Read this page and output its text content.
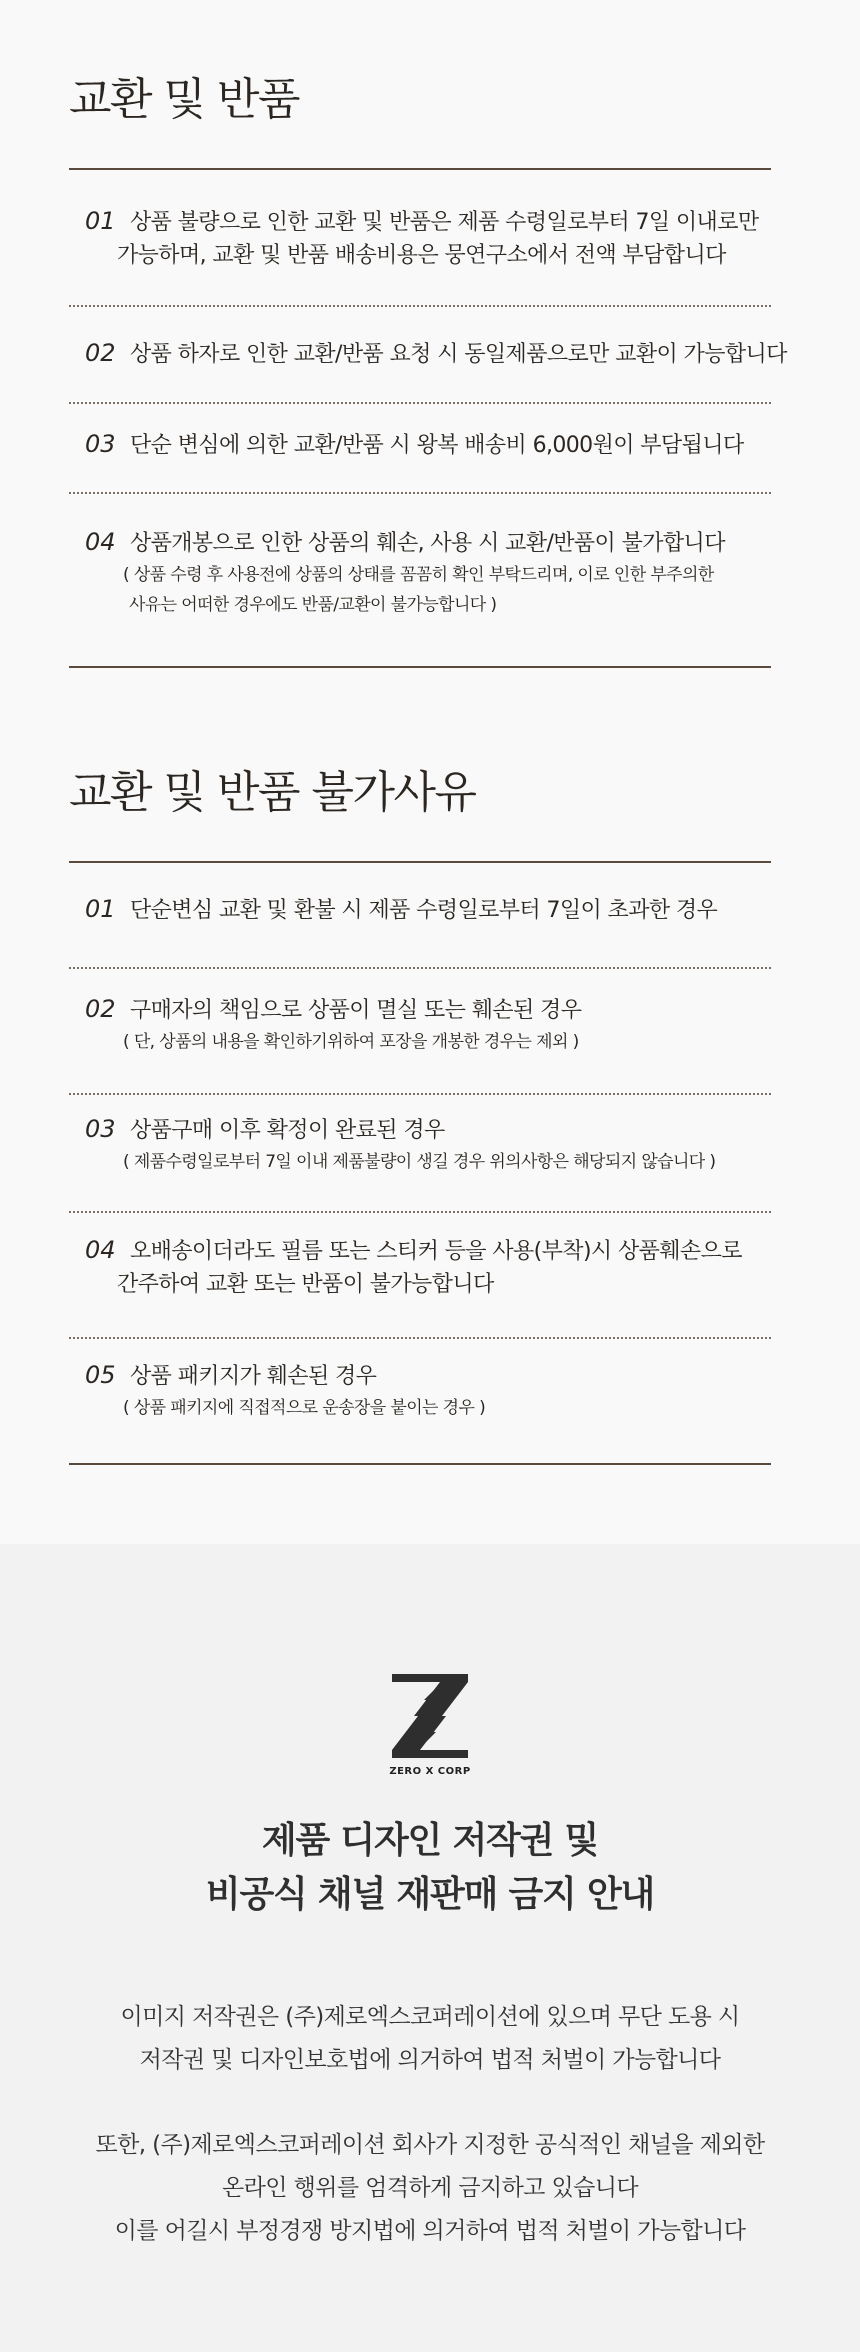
교환 및 반품
01 상품 불량으로 인한 교환 및 반품은 제품 수령일로부터 7일 이내로만
가능하며, 교환 및 반품 배송비용은 뭉연구소에서 전액 부담합니다
02 상품 하자로 인한 교환/반품 요청 시 동일제품으로만 교환이 가능합니다
03 단순 변심에 의한 교환/반품 시 왕복 배송비 6,000원이 부담됩니다
04 상품개봉으로 인한 상품의 훼손, 사용 시 교환/반품이 불가합니다
( 상품 수령 후 사용전에 상품의 상태를 꼼꼼히 확인 부탁드리며, 이로 인한 부주의한
사유는 어떠한 경우에도 반품/교환이 불가능합니다 )
교환 및 반품 불가사유
01 단순변심 교환 및 환불 시 제품 수령일로부터 7일이 초과한 경우
02 구매자의 책임으로 상품이 멸실 또는 훼손된 경우
( 단, 상품의 내용을 확인하기위하여 포장을 개봉한 경우는 제외 )
03 상품구매 이후 확정이 완료된 경우
( 제품수령일로부터 7일 이내 제품불량이 생길 경우 위의사항은 해당되지 않습니다 )
04 오배송이더라도 필름 또는 스티커 등을 사용(부착)시 상품훼손으로
간주하여 교환 또는 반품이 불가능합니다
05 상품 패키지가 훼손된 경우
( 상품 패키지에 직접적으로 운송장을 붙이는 경우 )
ZERO X CORP
제품 디자인 저작권 및
비공식 채널 재판매 금지 안내
이미지 저작권은 (주)제로엑스코퍼레이션에 있으며 무단 도용 시
저작권 및 디자인보호법에 의거하여 법적 처벌이 가능합니다
또한, (주)제로엑스코퍼레이션 회사가 지정한 공식적인 채널을 제외한
온라인 행위를 엄격하게 금지하고 있습니다
이를 어길시 부정경쟁 방지법에 의거하여 법적 처벌이 가능합니다
